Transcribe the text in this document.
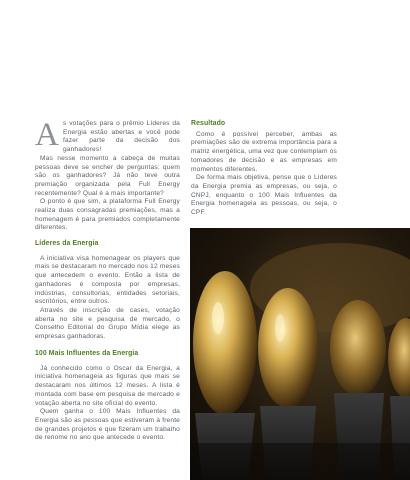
A s votações para o prêmio Líderes da Energia estão abertas e você pode fazer parte da decisão dos ganhadores!

Mas nesse momento a cabeça de muitas pessoas deve se encher de perguntas: quem são os ganhadores? Já não teve outra premiação organizada pela Full Energy recentemente? Qual é a mais importante?

O ponto é que sim, a plataforma Full Energy realiza duas consagradas premiações, mas a homenagem é para premiados completamente diferentes.

Resultado

Como é possível perceber, ambas as premiações são de extrema importância para a matriz energética, uma vez que contemplam os tomadores de decisão e as empresas em momentos diferentes.

De forma mais objetiva, pense que o Líderes da Energia premia as empresas, ou seja, o CNPJ, enquanto o 100 Mais Influentes da Energia homenageia as pessoas, ou seja, o CPF.

Líderes da Energia

A iniciativa visa homenagear os players que mais se destacaram no mercado nos 12 meses que antecedem o evento. Então a lista de ganhadores é composta por empresas, indústrias, consultorias, entidades setoriais, escritórios, entre outros.

Através de inscrição de cases, votação aberta no site e pesquisa de mercado, o Conselho Editorial do Grupo Mídia elege as empresas ganhadoras.

100 Mais Influentes da Energia

Já conhecido como o Oscar da Energia, a iniciativa homenageia as figuras que mais se destacaram nos últimos 12 meses. A lista é montada com base em pesquisa de mercado e votação aberta no site oficial do evento.

Quem ganha o 100 Mais Influentes da Energia são as pessoas que estiveram à frente de grandes projetos e que fizeram um trabalho de renome no ano que antecede o evento.
